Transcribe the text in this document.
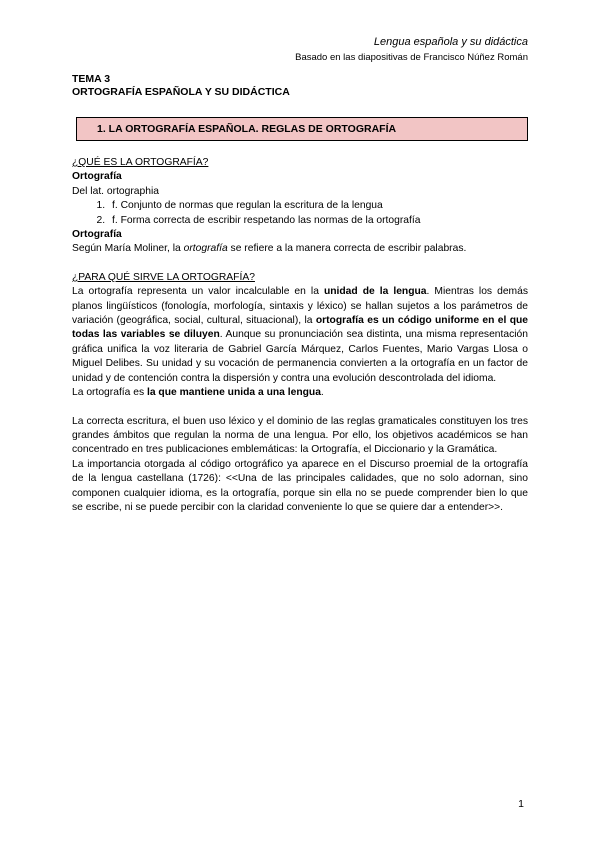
Lengua española y su didáctica
Basado en las diapositivas de Francisco Núñez Román
TEMA 3
ORTOGRAFÍA ESPAÑOLA Y SU DIDÁCTICA
1. LA ORTOGRAFÍA ESPAÑOLA. REGLAS DE ORTOGRAFÍA

¿QUÉ ES LA ORTOGRAFÍA?

Ortografía

Del lat. ortographia

1. f. Conjunto de normas que regulan la escritura de la lengua
2. f. Forma correcta de escribir respetando las normas de la ortografía

Ortografía

Según María Moliner, la ortografía se refiere a la manera correcta de escribir palabras.

¿PARA QUÉ SIRVE LA ORTOGRAFÍA?

La ortografía representa un valor incalculable en la unidad de la lengua. Mientras los demás planos lingüísticos (fonología, morfología, sintaxis y léxico) se hallan sujetos a los parámetros de variación (geográfica, social, cultural, situacional), la ortografía es un código uniforme en el que todas las variables se diluyen. Aunque su pronunciación sea distinta, una misma representación gráfica unifica la voz literaria de Gabriel García Márquez, Carlos Fuentes, Mario Vargas Llosa o Miguel Delibes. Su unidad y su vocación de permanencia convierten a la ortografía en un factor de unidad y de contención contra la dispersión y contra una evolución descontrolada del idioma.

La ortografía es la que mantiene unida a una lengua.

La correcta escritura, el buen uso léxico y el dominio de las reglas gramaticales constituyen los tres grandes ámbitos que regulan la norma de una lengua. Por ello, los objetivos académicos se han concentrado en tres publicaciones emblemáticas: la Ortografía, el Diccionario y la Gramática.

La importancia otorgada al código ortográfico ya aparece en el Discurso proemial de la ortografía de la lengua castellana (1726): <<Una de las principales calidades, que no solo adornan, sino componen cualquier idioma, es la ortografía, porque sin ella no se puede comprender bien lo que se escribe, ni se puede percibir con la claridad conveniente lo que se quiere dar a entender>>.

1
